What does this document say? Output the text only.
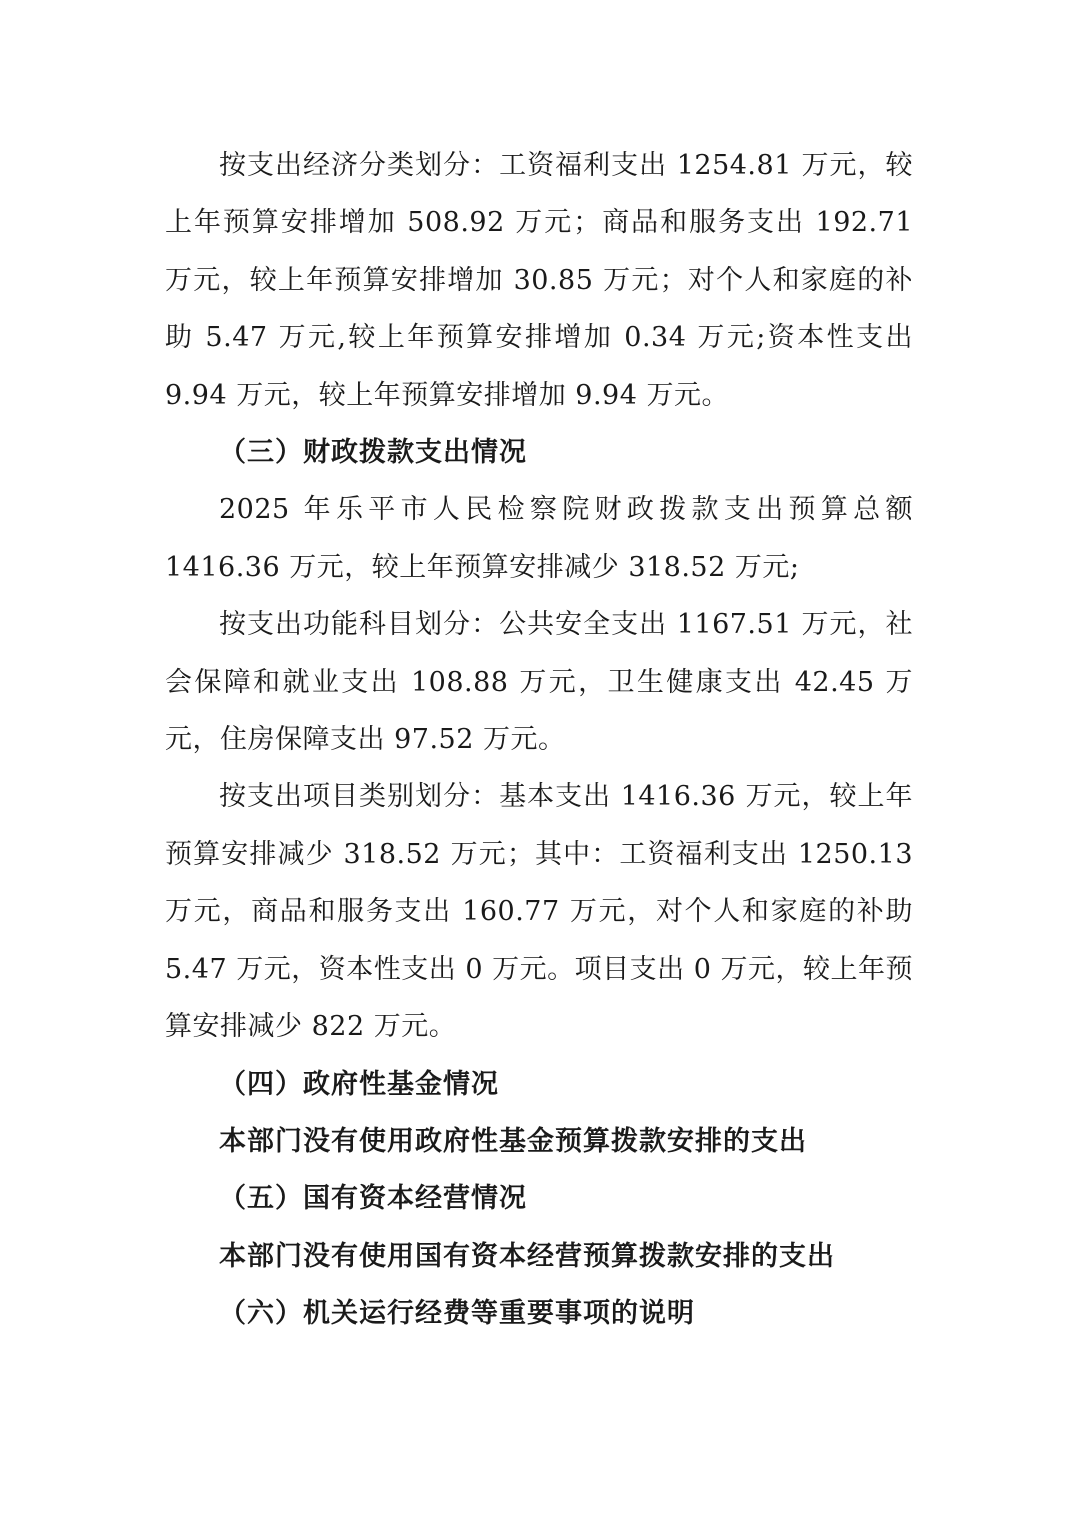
按支出经济分类划分：工资福利支出 1254.81 万元，较上年预算安排增加 508.92 万元；商品和服务支出 192.71 万元，较上年预算安排增加 30.85 万元；对个人和家庭的补助 5.47 万元,较上年预算安排增加 0.34 万元;资本性支出 9.94 万元，较上年预算安排增加 9.94 万元。

（三）财政拨款支出情况

2025 年乐平市人民检察院财政拨款支出预算总额 1416.36 万元，较上年预算安排减少 318.52 万元;

按支出功能科目划分：公共安全支出 1167.51 万元，社会保障和就业支出 108.88 万元，卫生健康支出 42.45 万元，住房保障支出 97.52 万元。

按支出项目类别划分：基本支出 1416.36 万元，较上年预算安排减少 318.52 万元；其中：工资福利支出 1250.13 万元，商品和服务支出 160.77 万元，对个人和家庭的补助 5.47 万元，资本性支出 0 万元。项目支出 0 万元，较上年预算安排减少 822 万元。

（四）政府性基金情况

本部门没有使用政府性基金预算拨款安排的支出

（五）国有资本经营情况

本部门没有使用国有资本经营预算拨款安排的支出

（六）机关运行经费等重要事项的说明
